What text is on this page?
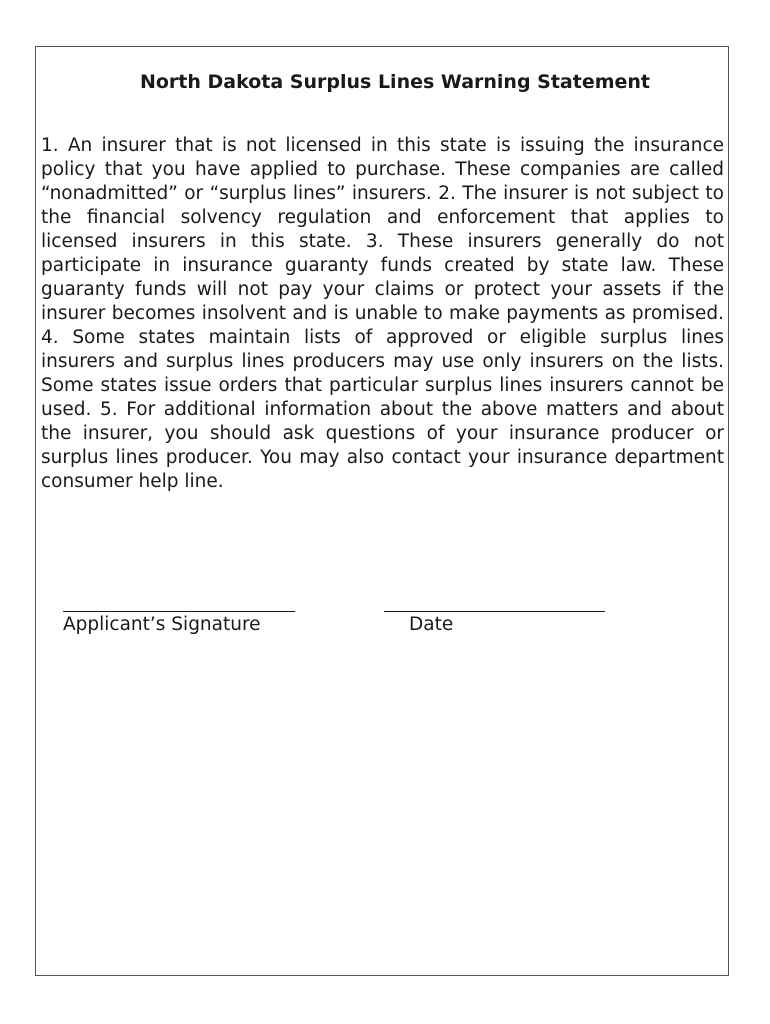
North Dakota Surplus Lines Warning Statement

1. An insurer that is not licensed in this state is issuing the insurance policy that you have applied to purchase. These companies are called “nonadmitted” or “surplus lines” insurers. 2. The insurer is not subject to the financial solvency regulation and enforcement that applies to licensed insurers in this state. 3. These insurers generally do not participate in insurance guaranty funds created by state law. These guaranty funds will not pay your claims or protect your assets if the insurer becomes insolvent and is unable to make payments as promised. 4. Some states maintain lists of approved or eligible surplus lines insurers and surplus lines producers may use only insurers on the lists. Some states issue orders that particular surplus lines insurers cannot be used. 5. For additional information about the above matters and about the insurer, you should ask questions of your insurance producer or surplus lines producer. You may also contact your insurance department consumer help line.

Applicant’s Signature	Date
